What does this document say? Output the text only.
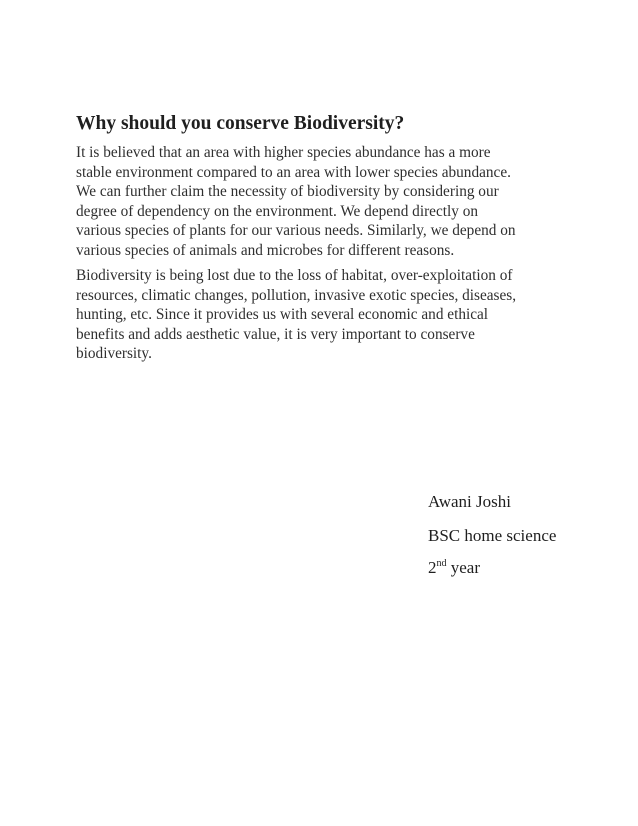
Why should you conserve Biodiversity?

It is believed that an area with higher species abundance has a more
stable environment compared to an area with lower species abundance.
We can further claim the necessity of biodiversity by considering our
degree of dependency on the environment. We depend directly on
various species of plants for our various needs. Similarly, we depend on
various species of animals and microbes for different reasons.

Biodiversity is being lost due to the loss of habitat, over-exploitation of
resources, climatic changes, pollution, invasive exotic species, diseases,
hunting, etc. Since it provides us with several economic and ethical
benefits and adds aesthetic value, it is very important to conserve
biodiversity.

Awani Joshi

BSC home science

2nd year
